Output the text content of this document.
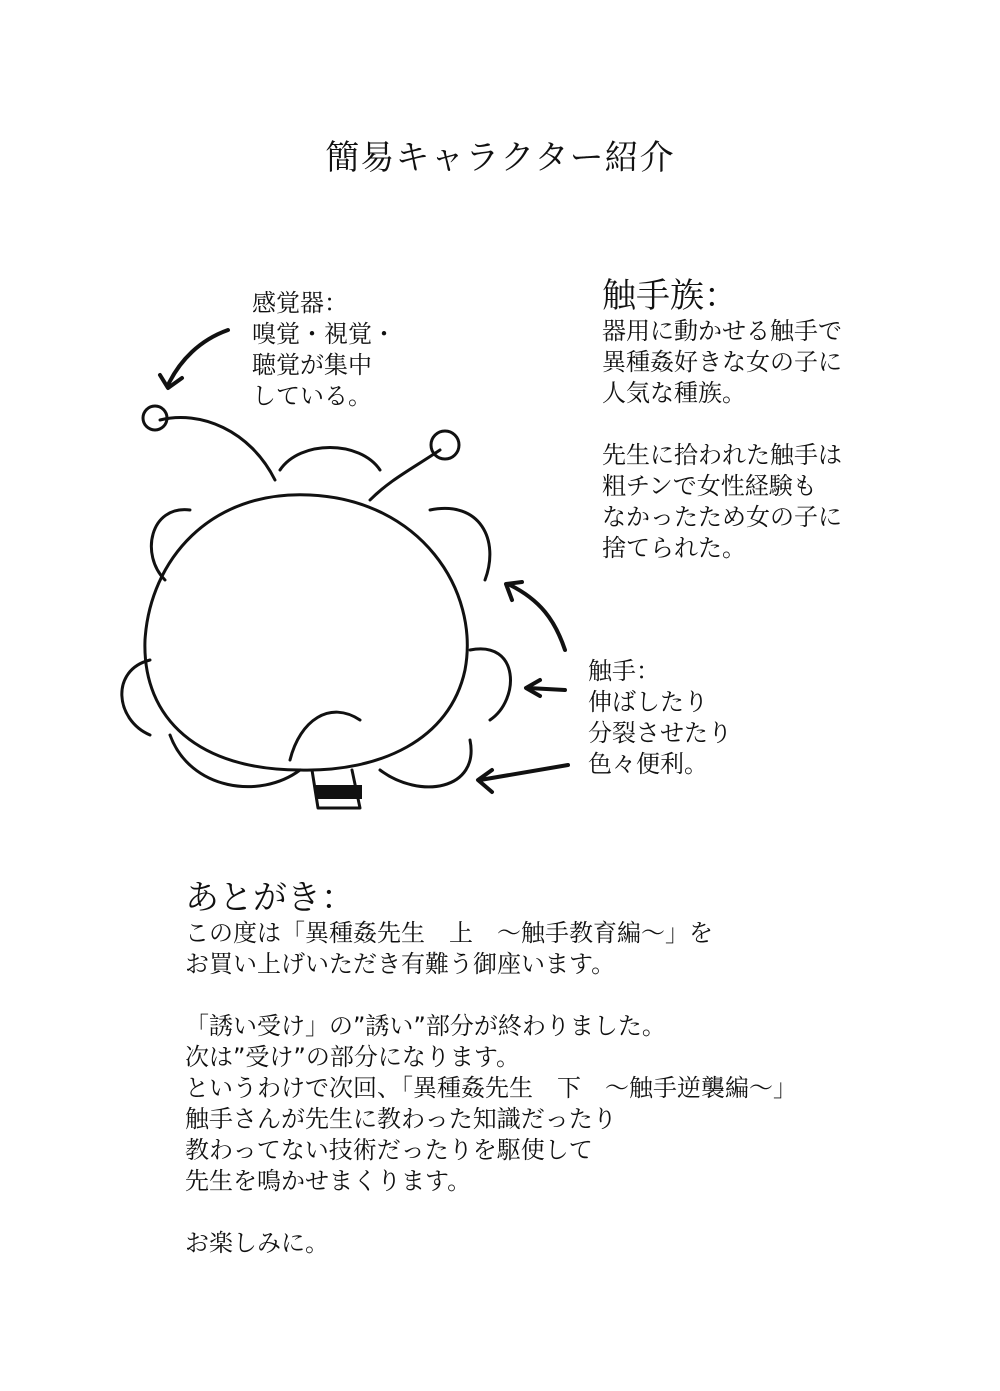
簡易キャラクター紹介
感覚器：
嗅覚・視覚・
聴覚が集中
している。
触手族：
器用に動かせる触手で
異種姦好きな女の子に
人気な種族。
先生に拾われた触手は
粗チンで女性経験も
なかったため女の子に
捨てられた。
触手：
伸ばしたり
分裂させたり
色々便利。
あとがき：
この度は「異種姦先生　上　～触手教育編～」を
お買い上げいただき有難う御座います。
「誘い受け」の”誘い”部分が終わりました。
次は”受け”の部分になります。
というわけで次回、「異種姦先生　下　～触手逆襲編～」
触手さんが先生に教わった知識だったり
教わってない技術だったりを駆使して
先生を鳴かせまくります。
お楽しみに。
